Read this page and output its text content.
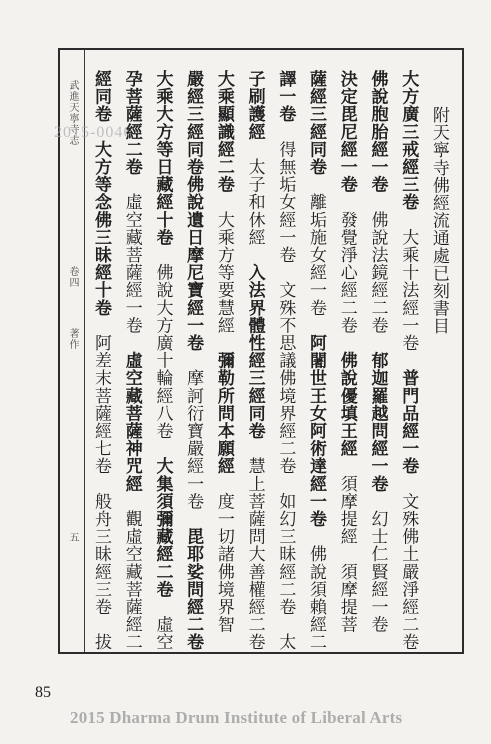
武進天寧寺志
卷四
著作
五
2015-0046	附天寧寺佛經流通處已刻書目
大方廣三戒經三卷　大乘十法經一卷　普門品經一卷　文殊佛土嚴淨經二卷
佛說胞胎經一卷　佛說法鏡經二卷　郁迦羅越問經一卷　幻士仁賢經一卷
決定毘尼經一卷　發覺淨心經二卷　佛說優填王經　須摩提經　須摩提菩
薩經三經同卷　離垢施女經一卷　阿闍世王女阿術達經一卷　佛說須賴經二
譯一卷　得無垢女經一卷　文殊不思議佛境界經二卷　如幻三昧經二卷　太
子刷護經　太子和休經　入法界體性經三經同卷　慧上菩薩問大善權經二卷
大乘顯識經二卷　大乘方等要慧經　彌勒所問本願經　度一切諸佛境界智
嚴經三經同卷佛說遺日摩尼寶經一卷　摩訶衍寶嚴經一卷　毘耶娑問經二卷
大乘大方等日藏經十卷　佛說大方廣十輪經八卷　大集須彌藏經二卷　虛空
孕菩薩經二卷　虛空藏菩薩經一卷　虛空藏菩薩神咒經　觀虛空藏菩薩經二
經同卷　大方等念佛三昧經十卷　阿差末菩薩經七卷　般舟三昧經三卷　拔
85
2015 Dharma Drum Institute of Liberal Arts
